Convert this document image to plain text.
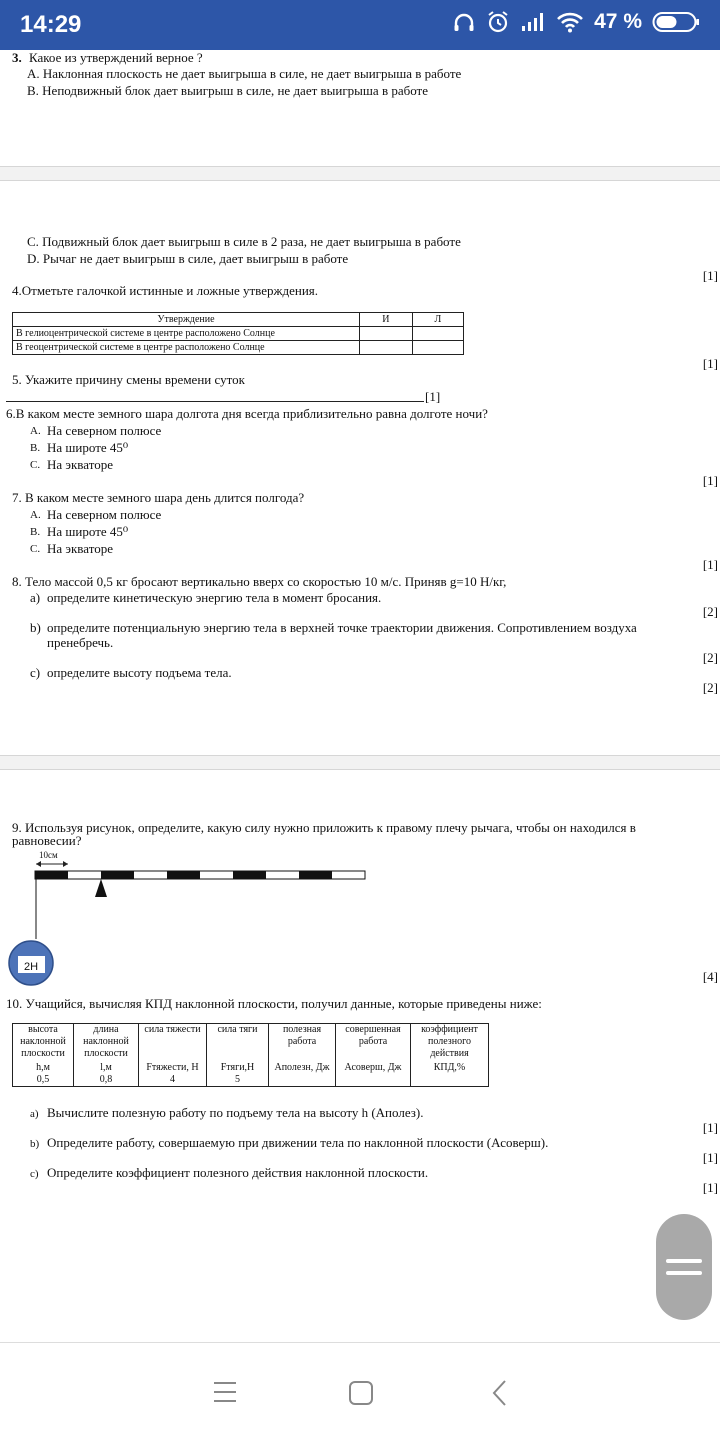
14:29	47 %
3. Какое из утверждений верное ?
A. Наклонная плоскость не дает выигрыша в силе, не дает выигрыша в работе
B. Неподвижный блок дает выигрыш в силе, не дает выигрыша в работе
C. Подвижный блок дает выигрыш в силе в 2 раза, не дает выигрыша в работе
D. Рычаг не дает выигрыш в силе, дает выигрыш в работе
[1]
4.Отметьте галочкой истинные и ложные утверждения.
Утверждение	И	Л
В гелиоцентрической системе в центре расположено Солнце		
В геоцентрической системе в центре расположено Солнце		
[1]
5. Укажите причину смены времени суток
[1]
6.В каком месте земного шара долгота дня всегда приблизительно равна долготе ночи?
A. На северном полюсе
B. На широте 45⁰
C. На экваторе
[1]
7. В каком месте земного шара день длится полгода?
A. На северном полюсе
B. На широте 45⁰
C. На экваторе
[1]
8. Тело массой 0,5 кг бросают вертикально вверх со скоростью 10 м/с. Приняв g=10 Н/кг,
a) определите кинетическую энергию тела в момент бросания.
[2]
b) определите потенциальную энергию тела в верхней точке траектории движения. Сопротивлением воздуха
пренебречь.
[2]
c) определите высоту подъема тела.
[2]
9. Используя рисунок, определите, какую силу нужно приложить к правому плечу рычага, чтобы он находился в
равновесии?
10см
2Н
[4]
10. Учащийся, вычисляя КПД наклонной плоскости, получил данные, которые приведены ниже:
высота наклонной плоскости	длина наклонной плоскости	сила тяжести	сила тяги	полезная работа	совершенная работа	коэффициент полезного действия
h,м	l,м	Fтяжести, Н	Fтяги,Н	Аполезн, Дж	Асоверш, Дж	КПД,%
0,5	0,8	4	5			
a) Вычислите полезную работу по подъему тела на высоту h (Аполез).
[1]
b) Определите работу, совершаемую при движении тела по наклонной плоскости (Асоверш).
[1]
c) Определите коэффициент полезного действия наклонной плоскости.
[1]
